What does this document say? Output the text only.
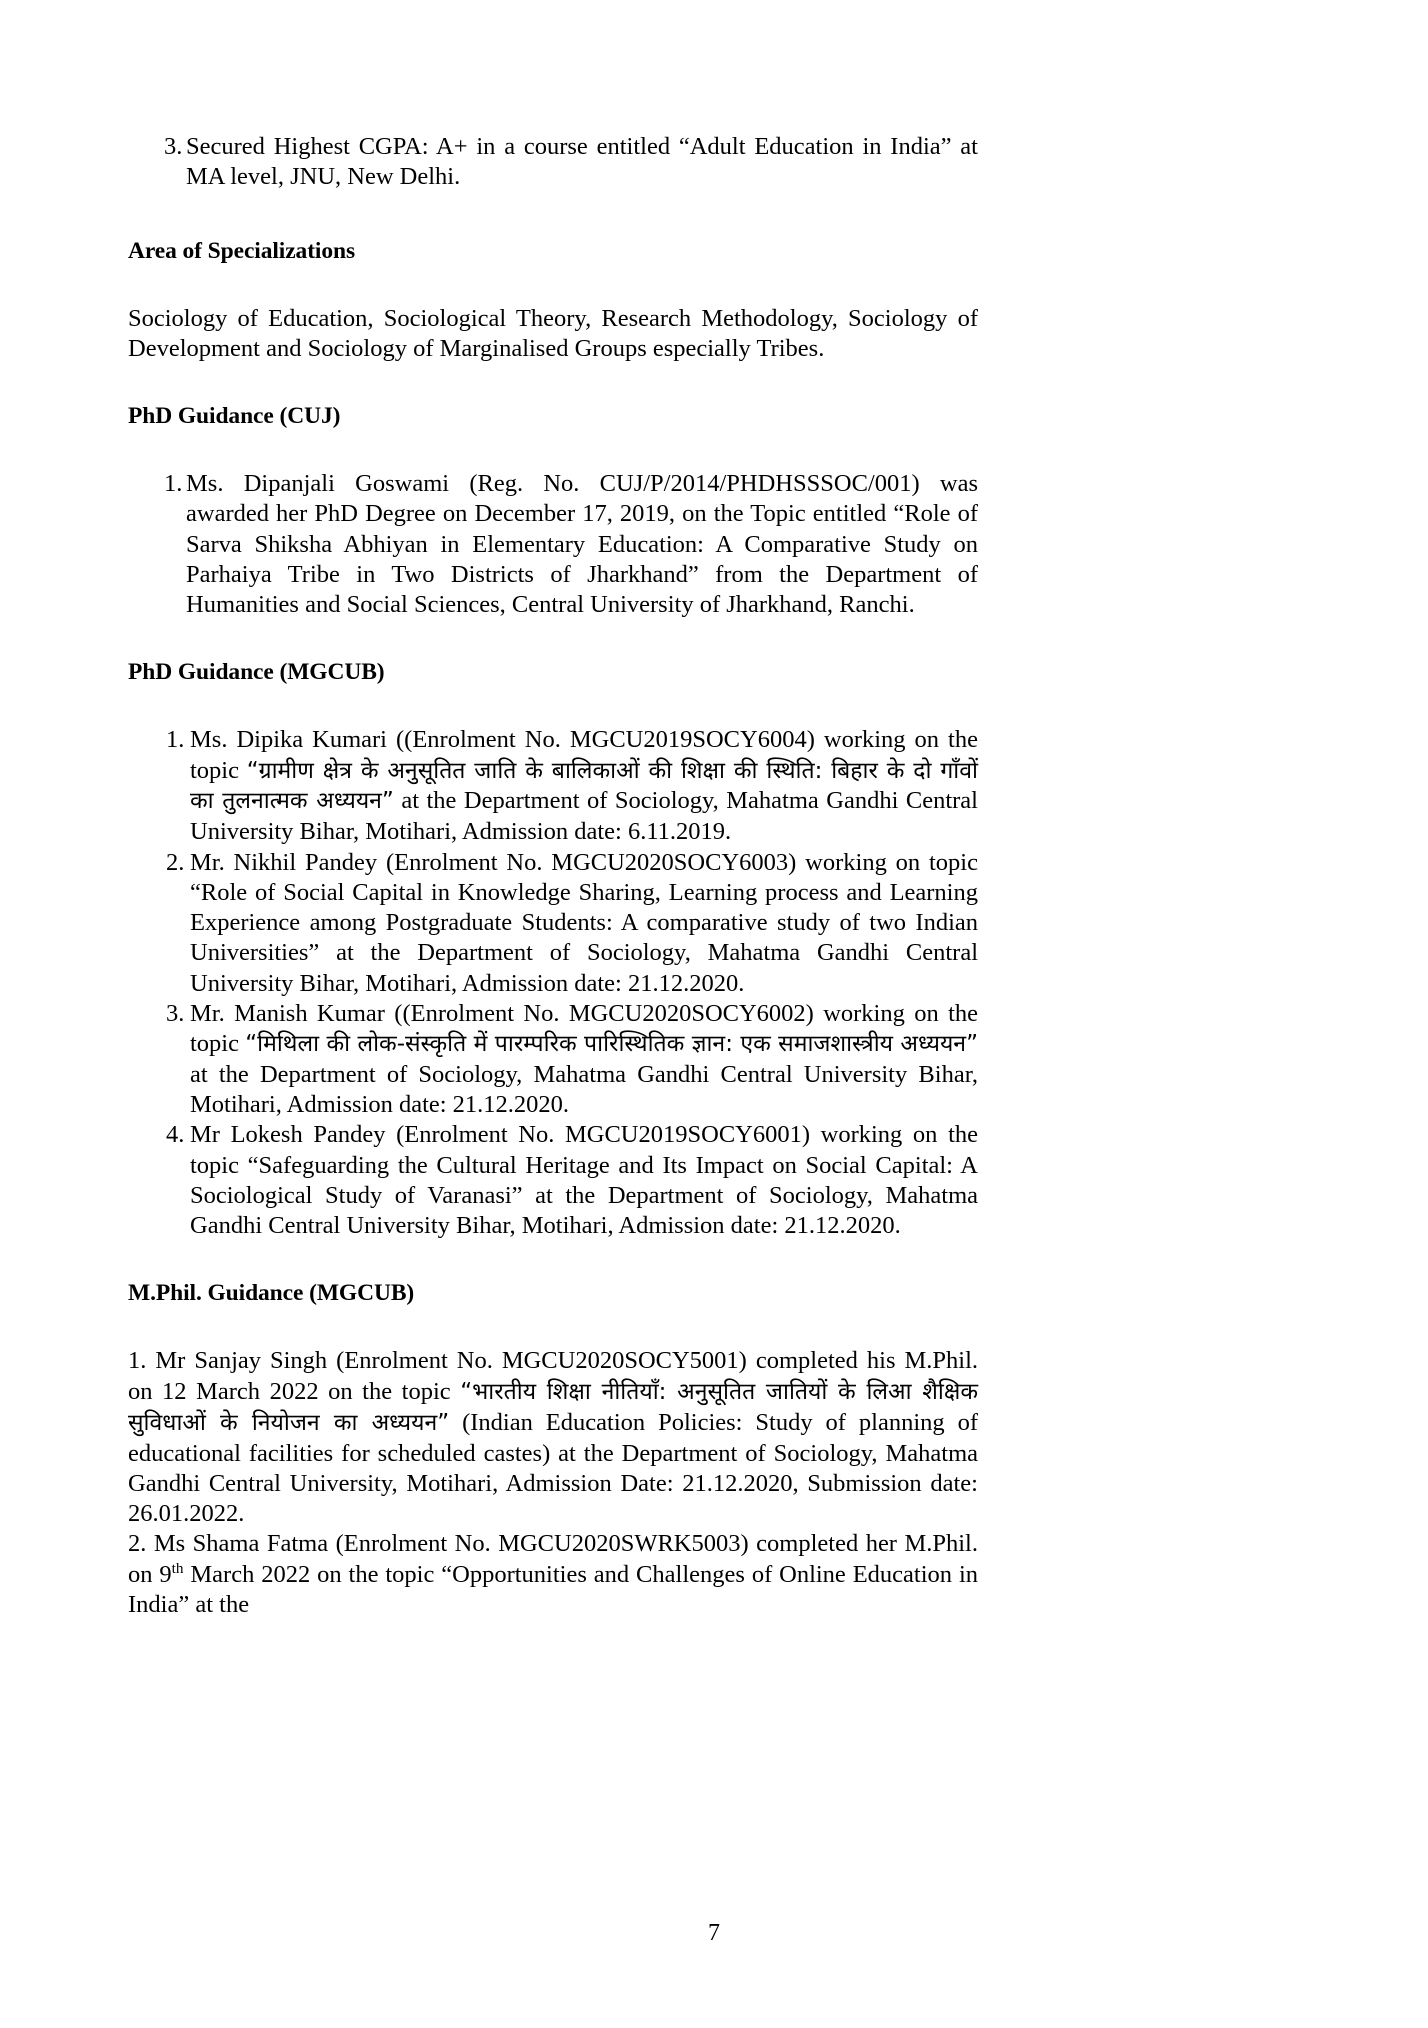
3. Secured Highest CGPA: A+ in a course entitled “Adult Education in India” at MA level, JNU, New Delhi.

Area of Specializations

Sociology of Education, Sociological Theory, Research Methodology, Sociology of Development and Sociology of Marginalised Groups especially Tribes.

PhD Guidance (CUJ)

1. Ms. Dipanjali Goswami (Reg. No. CUJ/P/2014/PHDHSSSOC/001) was awarded her PhD Degree on December 17, 2019, on the Topic entitled “Role of Sarva Shiksha Abhiyan in Elementary Education: A Comparative Study on Parhaiya Tribe in Two Districts of Jharkhand” from the Department of Humanities and Social Sciences, Central University of Jharkhand, Ranchi.

PhD Guidance (MGCUB)

1. Ms. Dipika Kumari ((Enrolment No. MGCU2019SOCY6004) working on the topic “ग्रामीण क्षेत्र के अनुसूतित जाति के बालिकाओं की शिक्षा की स्थिति: बिहार के दो गाँवों का तुलनात्मक अध्ययन” at the Department of Sociology, Mahatma Gandhi Central University Bihar, Motihari, Admission date: 6.11.2019.
2. Mr. Nikhil Pandey (Enrolment No. MGCU2020SOCY6003) working on topic “Role of Social Capital in Knowledge Sharing, Learning process and Learning Experience among Postgraduate Students: A comparative study of two Indian Universities” at the Department of Sociology, Mahatma Gandhi Central University Bihar, Motihari, Admission date: 21.12.2020.
3. Mr. Manish Kumar ((Enrolment No. MGCU2020SOCY6002) working on the topic “मिथिला की लोक-संस्कृति में पारम्परिक पारिस्थितिक ज्ञान: एक समाजशास्त्रीय अध्ययन” at the Department of Sociology, Mahatma Gandhi Central University Bihar, Motihari, Admission date: 21.12.2020.
4. Mr Lokesh Pandey (Enrolment No. MGCU2019SOCY6001) working on the topic “Safeguarding the Cultural Heritage and Its Impact on Social Capital: A Sociological Study of Varanasi” at the Department of Sociology, Mahatma Gandhi Central University Bihar, Motihari, Admission date: 21.12.2020.

M.Phil. Guidance (MGCUB)

1. Mr Sanjay Singh (Enrolment No. MGCU2020SOCY5001) completed his M.Phil. on 12 March 2022 on the topic “भारतीय शिक्षा नीतियाँ: अनुसूतित जातियों के लिआ शैक्षिक सुविधाओं के नियोजन का अध्ययन” (Indian Education Policies: Study of planning of educational facilities for scheduled castes) at the Department of Sociology, Mahatma Gandhi Central University, Motihari, Admission Date: 21.12.2020, Submission date: 26.01.2022.

2. Ms Shama Fatma (Enrolment No. MGCU2020SWRK5003) completed her M.Phil. on 9th March 2022 on the topic “Opportunities and Challenges of Online Education in India” at the

7
